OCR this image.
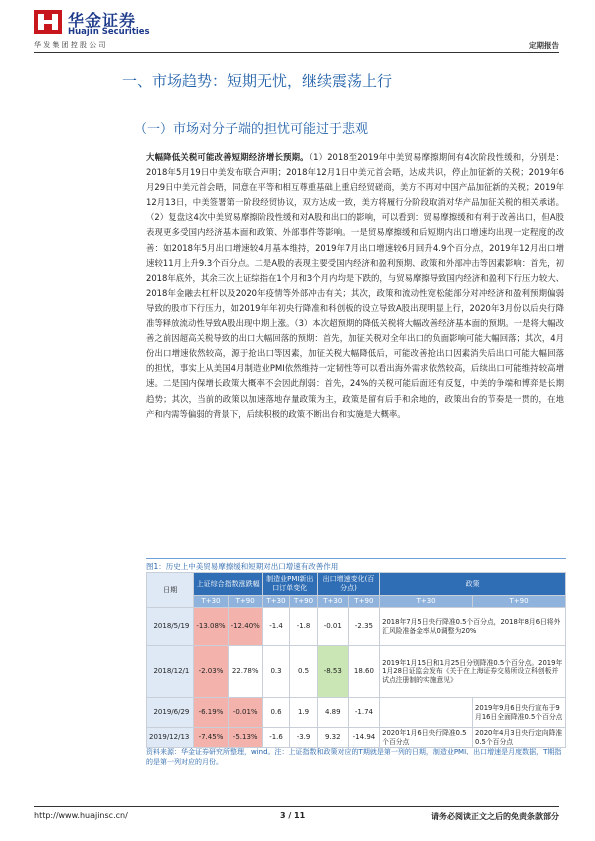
华金证券
Huajin Securities
华发集团控股公司	定期报告
一、市场趋势：短期无忧，继续震荡上行
（一）市场对分子端的担忧可能过于悲观
大幅降低关税可能改善短期经济增长预期。（1）2018至2019年中美贸易摩擦期间有4次阶段性缓和，分别是：2018年5月19日中美发布联合声明；2018年12月1日中美元首会晤，达成共识，停止加征新的关税；2019年6月29日中美元首会晤，同意在平等和相互尊重基础上重启经贸磋商，美方不再对中国产品加征新的关税；2019年12月13日，中美签署第一阶段经贸协议，双方达成一致，美方将履行分阶段取消对华产品加征关税的相关承诺。（2）复盘这4次中美贸易摩擦阶段性缓和对A股和出口的影响，可以看到：贸易摩擦缓和有利于改善出口，但A股表现更多受国内经济基本面和政策、外部事件等影响。一是贸易摩擦缓和后短期内出口增速均出现一定程度的改善：如2018年5月出口增速较4月基本维持，2019年7月出口增速较6月回升4.9个百分点，2019年12月出口增速较11月上升9.3个百分点。二是A股的表现主要受国内经济和盈利预期、政策和外部冲击等因素影响：首先，初2018年底外，其余三次上证综指在1个月和3个月内均是下跌的，与贸易摩擦导致国内经济和盈利下行压力较大、2018年金融去杠杆以及2020年疫情等外部冲击有关；其次，政策和流动性宽松能部分对冲经济和盈利预期偏弱导致的股市下行压力，如2019年年初央行降准和科创板的设立导致A股出现明显上行，2020年3月份以后央行降准等释放流动性导致A股出现中期上涨。（3）本次超预期的降低关税将大幅改善经济基本面的预期。一是将大幅改善之前因超高关税导致的出口大幅回落的预期：首先，加征关税对全年出口的负面影响可能大幅回落；其次，4月份出口增速依然较高，源于抢出口等因素，加征关税大幅降低后，可能改善抢出口因素消失后出口可能大幅回落的担忧，事实上从美国4月制造业PMI依然维持一定韧性等可以看出海外需求依然较高，后续出口可能维持较高增速。二是国内保增长政策大概率不会因此削弱：首先，24%的关税可能后面还有反复，中美的争端和博弈是长期趋势；其次，当前的政策以加速落地存量政策为主，政策是留有后手和余地的，政策出台的节奏是一贯的，在地产和内需等偏弱的背景下，后续积极的政策不断出台和实施是大概率。
图1：历史上中美贸易摩擦缓和短期对出口增速有改善作用
日期	上证综合指数涨跌幅		制造业PMI新出口订单变化		出口增速变化(百分点)		政策	
	T+30	T+90	T+30	T+90	T+30	T+90	T+30	T+90
2018/5/19	-13.08%	-12.40%	-1.4	-1.8	-0.01	-2.35	2018年7月5日央行降准0.5个百分点，2018年8月6日将外汇风险准备金率从0调整为20%	
2018/12/1	-2.03%	22.78%	0.3	0.5	-8.53	18.60	2019年1月15日和1月25日分别降准0.5个百分点。2019年1月28日证监会发布《关于在上海证券交易所设立科创板并试点注册制的实施意见》	
2019/6/29	-6.19%	-0.01%	0.6	1.9	4.89	-1.74		2019年9月6日央行宣布于9月16日全面降准0.5个百分点
2019/12/13	-7.45%	-5.13%	-1.6	-3.9	9.32	-14.94	2020年1月6日央行降准0.5个百分点	2020年4月3日央行定向降准0.5个百分点
资料来源：华金证券研究所整理，wind。注：上证指数和政策对应的T期就是第一列的日期，制造业PMI、出口增速是月度数据，T期指的是第一列对应的月份。
http://www.huajinsc.cn/	3 / 11	请务必阅读正文之后的免责条款部分
